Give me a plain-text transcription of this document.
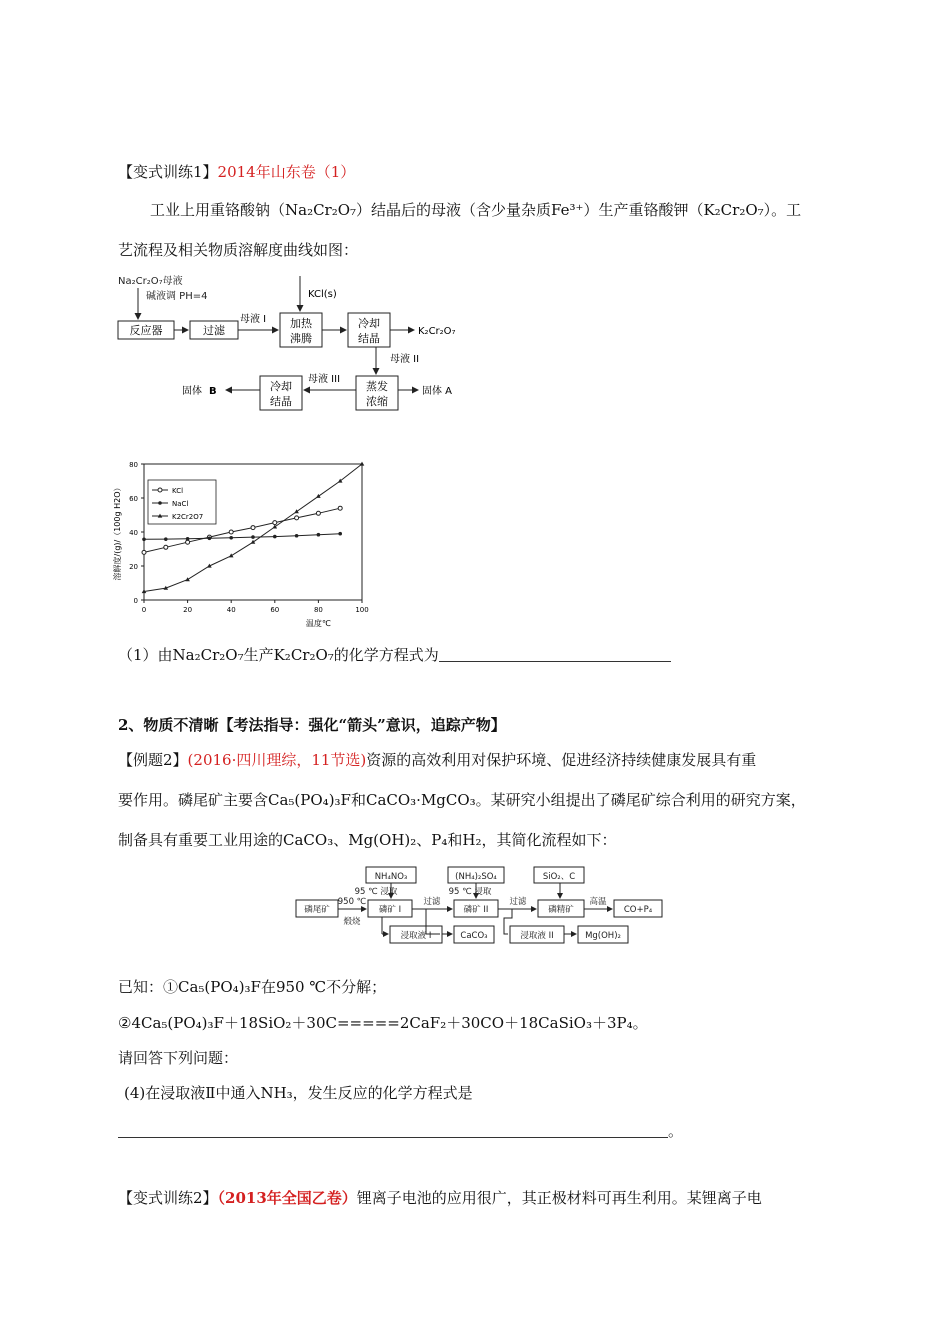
【变式训练1】2014年山东卷（1）
工业上用重铬酸钠（Na₂Cr₂O₇）结晶后的母液（含少量杂质Fe³⁺）生产重铬酸钾（K₂Cr₂O₇）。工
艺流程及相关物质溶解度曲线如图：
Na₂Cr₂O₇母液
碱液调 PH=4
反应器	过滤
母液 I
KCl(s)
加热
沸腾
冷却
结晶
K₂Cr₂O₇
母液 II
蒸发
浓缩
固体 A
母液 III
冷却
结晶
固体 B
0	20	40	60	80	100
0
20
40
60
80
KCl
NaCl
K2Cr2O7
温度℃
溶解度/(g)/（100g H2O）
（1）由Na₂Cr₂O₇生产K₂Cr₂O₇的化学方程式为
2、物质不清晰【考法指导：强化“箭头”意识，追踪产物】
【例题2】(2016·四川理综，11节选)资源的高效利用对保护环境、促进经济持续健康发展具有重
要作用。磷尾矿主要含Ca₅(PO₄)₃F和CaCO₃·MgCO₃。某研究小组提出了磷尾矿综合利用的研究方案，
制备具有重要工业用途的CaCO₃、Mg(OH)₂、P₄和H₂，其简化流程如下：
NH₄NO₃	(NH₄)₂SO₄	SiO₂、C
磷尾矿
950 ℃
煅烧
95 ℃ 浸取
磷矿 I
过滤
95 ℃ 浸取
磷矿 II
过滤
磷精矿
高温
CO+P₄
浸取液 I	CaCO₃	浸取液 II	Mg(OH)₂
已知：①Ca₅(PO₄)₃F在950 ℃不分解；
②4Ca₅(PO₄)₃F＋18SiO₂＋30C=====2CaF₂＋30CO＋18CaSiO₃＋3P₄。
请回答下列问题：
(4)在浸取液Ⅱ中通入NH₃，发生反应的化学方程式是
。
【变式训练2】（2013年全国乙卷）锂离子电池的应用很广，其正极材料可再生利用。某锂离子电
